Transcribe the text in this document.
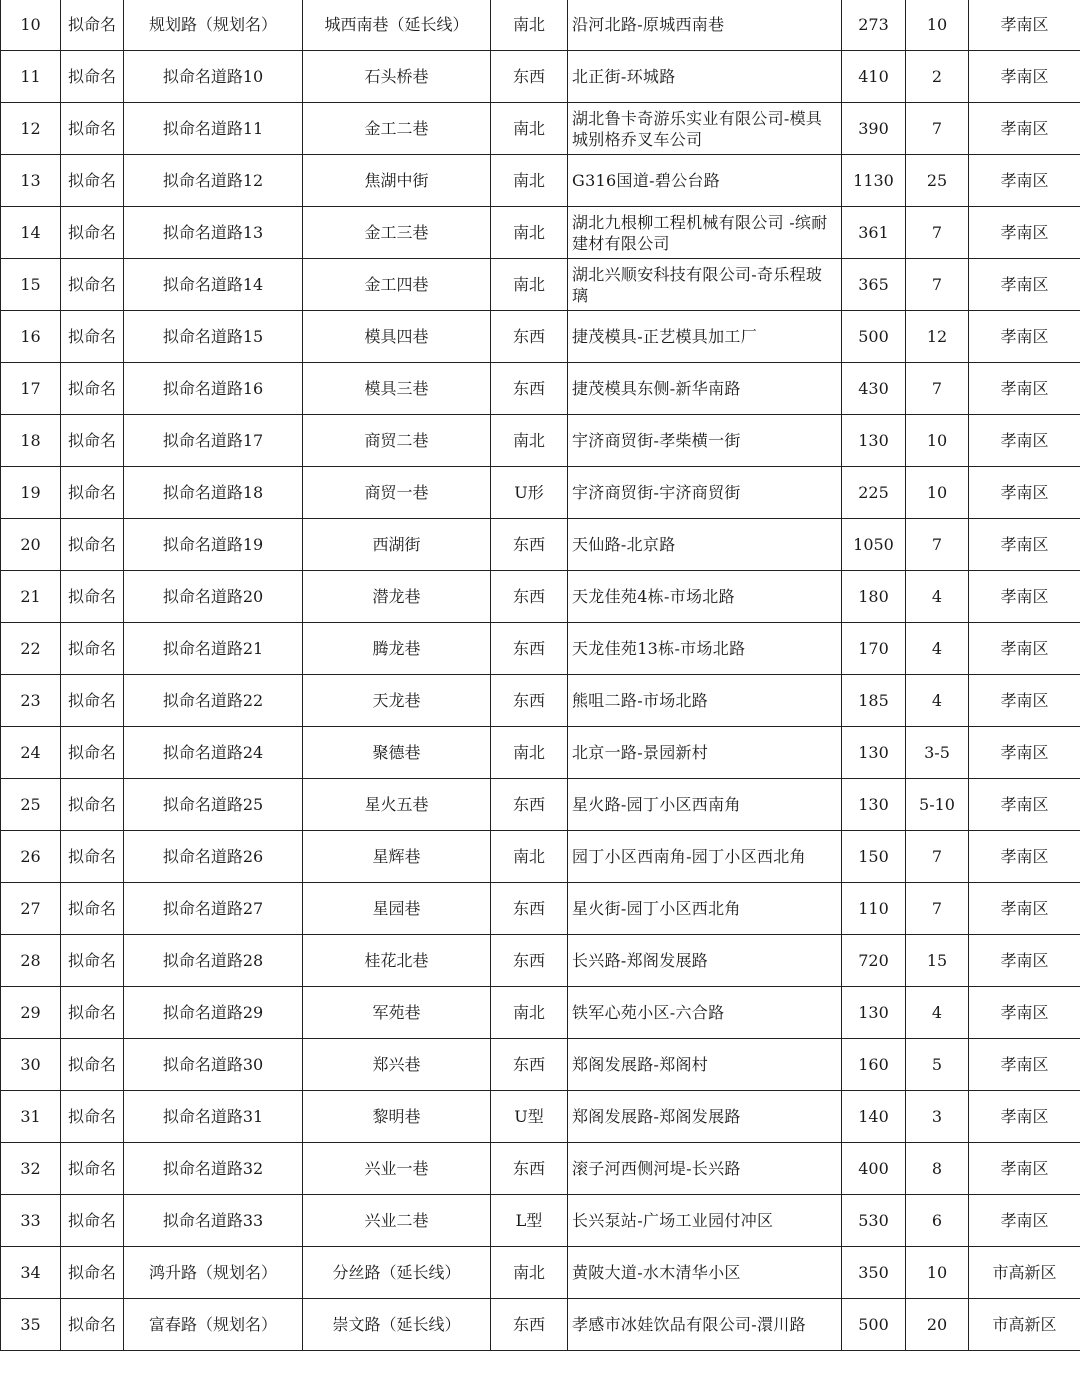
10	拟命名	规划路（规划名）	城西南巷（延长线）	南北	沿河北路-原城西南巷	273	10	孝南区
11	拟命名	拟命名道路10	石头桥巷	东西	北正街-环城路	410	2	孝南区
12	拟命名	拟命名道路11	金工二巷	南北	湖北鲁卡奇游乐实业有限公司-模具城别格乔叉车公司	390	7	孝南区
13	拟命名	拟命名道路12	焦湖中街	南北	G316国道-碧公台路	1130	25	孝南区
14	拟命名	拟命名道路13	金工三巷	南北	湖北九根柳工程机械有限公司 -缤耐建材有限公司	361	7	孝南区
15	拟命名	拟命名道路14	金工四巷	南北	湖北兴顺安科技有限公司-奇乐程玻璃	365	7	孝南区
16	拟命名	拟命名道路15	模具四巷	东西	捷茂模具-正艺模具加工厂	500	12	孝南区
17	拟命名	拟命名道路16	模具三巷	东西	捷茂模具东侧-新华南路	430	7	孝南区
18	拟命名	拟命名道路17	商贸二巷	南北	宇济商贸街-孝柴横一街	130	10	孝南区
19	拟命名	拟命名道路18	商贸一巷	U形	宇济商贸街-宇济商贸街	225	10	孝南区
20	拟命名	拟命名道路19	西湖街	东西	天仙路-北京路	1050	7	孝南区
21	拟命名	拟命名道路20	潜龙巷	东西	天龙佳苑4栋-市场北路	180	4	孝南区
22	拟命名	拟命名道路21	腾龙巷	东西	天龙佳苑13栋-市场北路	170	4	孝南区
23	拟命名	拟命名道路22	天龙巷	东西	熊咀二路-市场北路	185	4	孝南区
24	拟命名	拟命名道路24	聚德巷	南北	北京一路-景园新村	130	3-5	孝南区
25	拟命名	拟命名道路25	星火五巷	东西	星火路-园丁小区西南角	130	5-10	孝南区
26	拟命名	拟命名道路26	星辉巷	南北	园丁小区西南角-园丁小区西北角	150	7	孝南区
27	拟命名	拟命名道路27	星园巷	东西	星火街-园丁小区西北角	110	7	孝南区
28	拟命名	拟命名道路28	桂花北巷	东西	长兴路-郑阁发展路	720	15	孝南区
29	拟命名	拟命名道路29	军苑巷	南北	铁军心苑小区-六合路	130	4	孝南区
30	拟命名	拟命名道路30	郑兴巷	东西	郑阁发展路-郑阁村	160	5	孝南区
31	拟命名	拟命名道路31	黎明巷	U型	郑阁发展路-郑阁发展路	140	3	孝南区
32	拟命名	拟命名道路32	兴业一巷	东西	滚子河西侧河堤-长兴路	400	8	孝南区
33	拟命名	拟命名道路33	兴业二巷	L型	长兴泵站-广场工业园付冲区	530	6	孝南区
34	拟命名	鸿升路（规划名）	分丝路（延长线）	南北	黄陂大道-水木清华小区	350	10	市高新区
35	拟命名	富春路（规划名）	崇文路（延长线）	东西	孝感市冰娃饮品有限公司-澴川路	500	20	市高新区
